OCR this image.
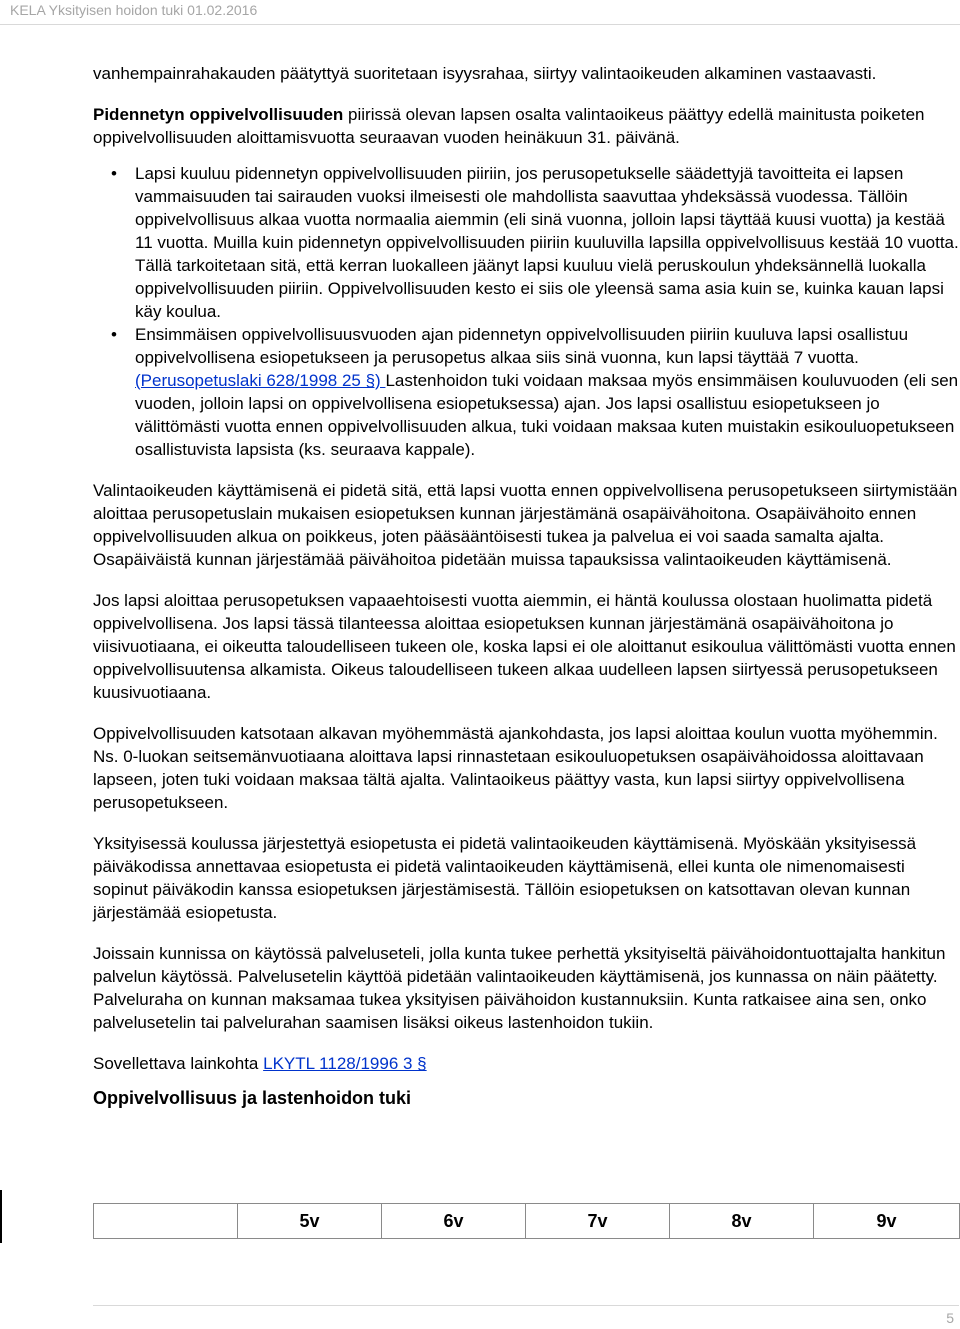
KELA Yksityisen hoidon tuki 01.02.2016

vanhempainrahakauden päätyttyä suoritetaan isyysrahaa, siirtyy valintaoikeuden alkaminen vastaavasti.

Pidennetyn oppivelvollisuuden piirissä olevan lapsen osalta valintaoikeus päättyy edellä mainitusta poiketen oppivelvollisuuden aloittamisvuotta seuraavan vuoden heinäkuun 31. päivänä.

• Lapsi kuuluu pidennetyn oppivelvollisuuden piiriin, jos perusopetukselle säädettyjä tavoitteita ei lapsen vammaisuuden tai sairauden vuoksi ilmeisesti ole mahdollista saavuttaa yhdeksässä vuodessa. Tällöin oppivelvollisuus alkaa vuotta normaalia aiemmin (eli sinä vuonna, jolloin lapsi täyttää kuusi vuotta) ja kestää 11 vuotta. Muilla kuin pidennetyn oppivelvollisuuden piiriin kuuluvilla lapsilla oppivelvollisuus kestää 10 vuotta. Tällä tarkoitetaan sitä, että kerran luokalleen jäänyt lapsi kuuluu vielä peruskoulun yhdeksännellä luokalla oppivelvollisuuden piiriin. Oppivelvollisuuden kesto ei siis ole yleensä sama asia kuin se, kuinka kauan lapsi käy koulua.
• Ensimmäisen oppivelvollisuusvuoden ajan pidennetyn oppivelvollisuuden piiriin kuuluva lapsi osallistuu oppivelvollisena esiopetukseen ja perusopetus alkaa siis sinä vuonna, kun lapsi täyttää 7 vuotta. (Perusopetuslaki 628/1998 25 §) Lastenhoidon tuki voidaan maksaa myös ensimmäisen kouluvuoden (eli sen vuoden, jolloin lapsi on oppivelvollisena esiopetuksessa) ajan. Jos lapsi osallistuu esiopetukseen jo välittömästi vuotta ennen oppivelvollisuuden alkua, tuki voidaan maksaa kuten muistakin esikouluopetukseen osallistuvista lapsista (ks. seuraava kappale).

Valintaoikeuden käyttämisenä ei pidetä sitä, että lapsi vuotta ennen oppivelvollisena perusopetukseen siirtymistään aloittaa perusopetuslain mukaisen esiopetuksen kunnan järjestämänä osapäivähoitona. Osapäivähoito ennen oppivelvollisuuden alkua on poikkeus, joten pääsääntöisesti tukea ja palvelua ei voi saada samalta ajalta. Osapäiväistä kunnan järjestämää päivähoitoa pidetään muissa tapauksissa valintaoikeuden käyttämisenä.

Jos lapsi aloittaa perusopetuksen vapaaehtoisesti vuotta aiemmin, ei häntä koulussa olostaan huolimatta pidetä oppivelvollisena. Jos lapsi tässä tilanteessa aloittaa esiopetuksen kunnan järjestämänä osapäivähoitona jo viisivuotiaana, ei oikeutta taloudelliseen tukeen ole, koska lapsi ei ole aloittanut esikoulua välittömästi vuotta ennen oppivelvollisuutensa alkamista. Oikeus taloudelliseen tukeen alkaa uudelleen lapsen siirtyessä perusopetukseen kuusivuotiaana.

Oppivelvollisuuden katsotaan alkavan myöhemmästä ajankohdasta, jos lapsi aloittaa koulun vuotta myöhemmin. Ns. 0-luokan seitsemänvuotiaana aloittava lapsi rinnastetaan esikouluopetuksen osapäivähoidossa aloittavaan lapseen, joten tuki voidaan maksaa tältä ajalta. Valintaoikeus päättyy vasta, kun lapsi siirtyy oppivelvollisena perusopetukseen.

Yksityisessä koulussa järjestettyä esiopetusta ei pidetä valintaoikeuden käyttämisenä. Myöskään yksityisessä päiväkodissa annettavaa esiopetusta ei pidetä valintaoikeuden käyttämisenä, ellei kunta ole nimenomaisesti sopinut päiväkodin kanssa esiopetuksen järjestämisestä. Tällöin esiopetuksen on katsottavan olevan kunnan järjestämää esiopetusta.

Joissain kunnissa on käytössä palveluseteli, jolla kunta tukee perhettä yksityiseltä päivähoidontuottajalta hankitun palvelun käytössä. Palvelusetelin käyttöä pidetään valintaoikeuden käyttämisenä, jos kunnassa on näin päätetty. Palveluraha on kunnan maksamaa tukea yksityisen päivähoidon kustannuksiin. Kunta ratkaisee aina sen, onko palvelusetelin tai palvelurahan saamisen lisäksi oikeus lastenhoidon tukiin.

Sovellettava lainkohta LKYTL 1128/1996 3 §

Oppivelvollisuus ja lastenhoidon tuki

	5v	6v	7v	8v	9v
5
